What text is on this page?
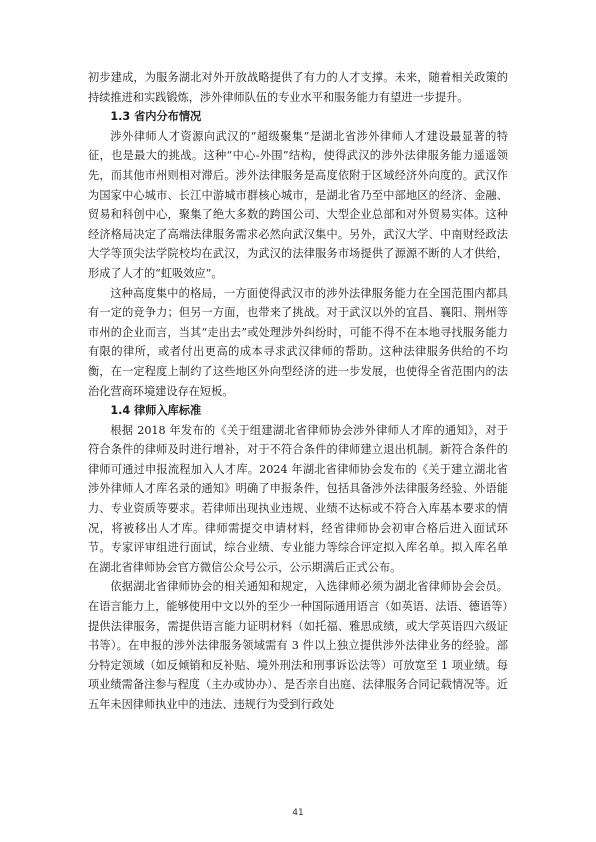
初步建成，为服务湖北对外开放战略提供了有力的人才支撑。未来，随着相关政策的持续推进和实践锻炼，涉外律师队伍的专业水平和服务能力有望进一步提升。

1.3 省内分布情况

涉外律师人才资源向武汉的“超级聚集”是湖北省涉外律师人才建设最显著的特征，也是最大的挑战。这种“中心-外围”结构，使得武汉的涉外法律服务能力遥遥领先，而其他市州则相对滞后。涉外法律服务是高度依附于区域经济外向度的。武汉作为国家中心城市、长江中游城市群核心城市，是湖北省乃至中部地区的经济、金融、贸易和科创中心，聚集了绝大多数的跨国公司、大型企业总部和对外贸易实体。这种经济格局决定了高端法律服务需求必然向武汉集中。另外，武汉大学、中南财经政法大学等顶尖法学院校均在武汉，为武汉的法律服务市场提供了源源不断的人才供给，形成了人才的“虹吸效应”。

这种高度集中的格局，一方面使得武汉市的涉外法律服务能力在全国范围内都具有一定的竞争力；但另一方面，也带来了挑战。对于武汉以外的宜昌、襄阳、荆州等市州的企业而言，当其“走出去”或处理涉外纠纷时，可能不得不在本地寻找服务能力有限的律所，或者付出更高的成本寻求武汉律师的帮助。这种法律服务供给的不均衡，在一定程度上制约了这些地区外向型经济的进一步发展，也使得全省范围内的法治化营商环境建设存在短板。

1.4 律师入库标准

根据 2018 年发布的《关于组建湖北省律师协会涉外律师人才库的通知》，对于符合条件的律师及时进行增补，对于不符合条件的律师建立退出机制。新符合条件的律师可通过申报流程加入人才库。2024 年湖北省律师协会发布的《关于建立湖北省涉外律师人才库名录的通知》明确了申报条件，包括具备涉外法律服务经验、外语能力、专业资质等要求。若律师出现执业违规、业绩不达标或不符合入库基本要求的情况，将被移出人才库。律师需提交申请材料，经省律师协会初审合格后进入面试环节。专家评审组进行面试，综合业绩、专业能力等综合评定拟入库名单。拟入库名单在湖北省律师协会官方微信公众号公示，公示期满后正式公布。

依据湖北省律师协会的相关通知和规定，入选律师必须为湖北省律师协会会员。在语言能力上，能够使用中文以外的至少一种国际通用语言（如英语、法语、德语等）提供法律服务，需提供语言能力证明材料（如托福、雅思成绩，或大学英语四六级证书等）。在申报的涉外法律服务领域需有 3 件以上独立提供涉外法律业务的经验。部分特定领域（如反倾销和反补贴、境外刑法和刑事诉讼法等）可放宽至 1 项业绩。每项业绩需备注参与程度（主办或协办）、是否亲自出庭、法律服务合同记载情况等。近五年未因律师执业中的违法、违规行为受到行政处

41
